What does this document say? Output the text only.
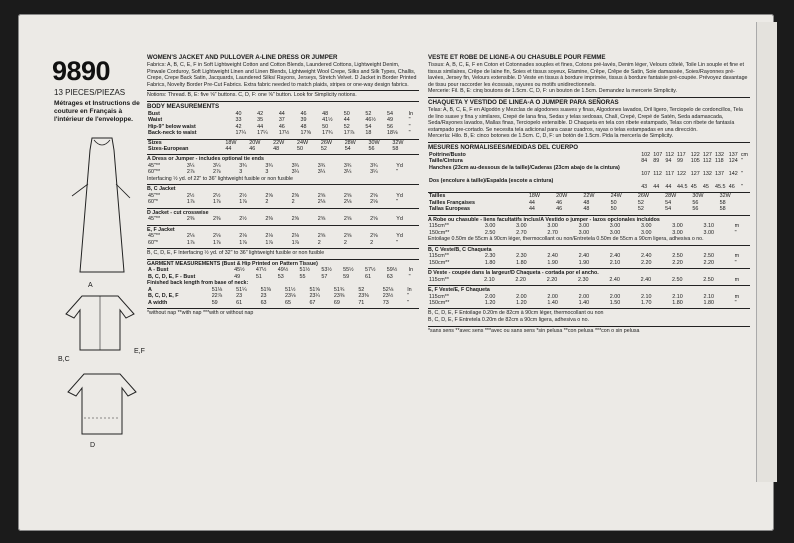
9890
13 PIECES/PIEZAS
Métrages et Instructions de couture en Français à l'intérieur de l'enveloppe.
A
B,C
E,F
D
WOMEN'S JACKET AND PULLOVER A-LINE DRESS OR JUMPER
Fabrics: A, B, C, E, F in Soft Lightweight Cotton and Cotton Blends, Laundered Cottons, Lightweight Denim, Pinwale Corduroy, Soft Lightweight Linen and Linen Blends, Lightweight Wool Crepe, Silks and Silk Types, Challis, Crepe, Crepe Back Satin, Jacquards, Laundered Silks/ Rayons, Jerseys, Stretch Velvet. D Jacket in Border Printed Fabrics, Novelty Border Pre-Cut Fabrics. Extra fabric needed to match plaids, stripes or one-way design fabrics.
Notions: Thread. B, E: five ⅝" buttons. C, D, F: one ⅝" button. Look for Simplicity notions.
BODY MEASUREMENTS
Bust	40	42	44	46	48	50	52	54	In
Waist	33	35	37	39	41½	44	46½	49	"
Hip-9" below waist	42	44	46	48	50	52	54	56	"
Back-neck to waist	17¼	17¼	17½	17⅝	17¾	17⅞	18	18⅛	"
Sizes	18W	20W	22W	24W	26W	28W	30W	32W	
Sizes-European	44	46	48	50	52	54	56	58	
A Dress or Jumper - includes optional tie ends
45"**	3¼	3¼	3¾	3¾	3¾	3¾	3¾	3¾	Yd
60"**	2⅞	2⅞	3	3	3¼	3¼	3¼	3¼	"
Interfacing ½ yd. of 22" to 36" lightweight fusible or non fusible
B, C Jacket
45"**	2½	2½	2½	2⅝	2⅝	2⅝	2⅝	2⅝	Yd
60"*	1⅞	1⅞	1⅞	2	2	2⅛	2⅛	2⅛	"
D Jacket - cut crosswise
45"**	2⅜	2⅜	2½	2⅜	2⅝	2⅝	2⅝	2⅝	Yd
E, F Jacket
45"**	2⅛	2⅛	2⅛	2⅛	2⅛	2⅝	2⅝	2⅝	Yd
60"*	1⅞	1⅞	1⅞	1⅞	1⅞	2	2	2	"
B, C, D, E, F Interfacing ½ yd. of 32" to 36" lightweight fusible or non fusible
GARMENT MEASUREMENTS (Bust & Hip Printed on Pattern Tissue)
A - Bust	45½	47½	49½	51½	53½	55½	57½	59½	In
B, C, D, E, F - Bust	49	51	53	55	57	59	61	63	"
Finished back length from base of neck:
A	51⅛	51¼	51⅜	51½	51⅝	51¾	52	52⅛	In
B, C, D, E, F	22⅞	23	23	23⅛	23¼	23⅜	23⅜	23½	"
A width	59	61	63	65	67	69	71	73	"
*without nap **with nap ***with or without nap
VESTE ET ROBE DE LIGNE-A OU CHASUBLE POUR FEMME
Tissus: A, B, C, E, F en Coton et Cotonnades souples et fines, Cotons pré-lavés, Denim léger, Velours côtelé, Toile Lin souple et fine et tissus similaires, Crêpe de laine fin, Soies et tissus soyeux, Etamine, Crêpe, Crêpe de Satin, Soie damassée, Soies/Rayonnes pré-lavées, Jersey fin, Velours extensible. D Veste en tissus à bordure imprimée, tissus à bordure fantaisie pré-coupée. Prévoyez davantage de tissu pour raccorder les écossais, rayures ou motifs unidirectionnels.
Mercerie: Fil. B, E: cinq boutons de 1.5cm. C, D, F: un bouton de 1.5cm. Demandez la mercerie Simplicity.
CHAQUETA Y VESTIDO DE LINEA-A O JUMPER PARA SEÑORAS
Telas: A, B, C, E, F en Algodón y Mezclas de algodones suaves y finas, Algodones lavados, Dril ligero, Terciopelo de cordoncillos, Tela de lino suave y fina y similares, Crepé de lana fina, Sedas y telas sedosas, Chalí, Crepé, Crepé de Satén, Seda adamascada, Seda/Rayones lavados, Mallas finas, Terciopelo extensible. D Chaqueta en tela con ribete estampado, Telas con ribete de fantasía estampado pre-cortado. Se necesita tela adicional para casar cuadros, rayas o telas estampadas en una dirección.
Mercería: Hilo. B, E: cinco botones de 1.5cm. C, D, F: un botón de 1.5cm. Pida la mercería de Simplicity.
MESURES NORMALISEES/MEDIDAS DEL CUERPO
Poitrine/Busto	102	107	112	117	122	127	132	137	cm
Taille/Cintura	84	89	94	99	105	112	118	124	"
Hanches (23cm au-dessous de la taille)/Caderas (23cm abajo de la cintura)									
	107	112	117	122	127	132	137	142	"
Dos (encolure à taille)/Espalda (escote a cintura)									
	43	44	44	44.5	45	45	45.5	46	"
Tailles	18W	20W	22W	24W	26W	28W	30W	32W	
Tailles Françaises	44	46	48	50	52	54	56	58	
Tallas Europeas	44	46	48	50	52	54	56	58	
A Robe ou chasuble - liens facultatifs inclus/A Vestido o jumper - lazos opcionales incluidos
115cm**	3.00	3.00	3.00	3.00	3.00	3.00	3.00	3.10	m
150cm**	2.50	2.70	2.70	3.00	3.00	3.00	3.00	3.00	"
Entoilage 0.50m de 55cm à 90cm léger, thermocollant ou non/Entretela 0.50m de 55cm a 90cm ligera, adhesiva o no.
B, C Veste/B, C Chaqueta
115cm**	2.30	2.30	2.40	2.40	2.40	2.40	2.50	2.50	m
150cm**	1.80	1.80	1.90	1.90	2.10	2.20	2.20	2.20	"
D Veste - coupée dans la largeur/D Chaqueta - cortada por el ancho.
115cm**	2.10	2.20	2.20	2.30	2.40	2.40	2.50	2.50	m
E, F Veste/E, F Chaqueta
115cm**	2.00	2.00	2.00	2.00	2.00	2.10	2.10	2.10	m
150cm**	1.20	1.20	1.40	1.40	1.50	1.70	1.80	1.80	"
B, C, D, E, F Entoilage 0.20m de 82cm à 90cm léger, thermocollant ou non
B, C, D, E, F Entretela 0.20m de 82cm a 90cm ligera, adhesiva o no.
*sans sens **avec sens ***avec ou sans sens *sin pelusa **con pelusa ***con o sin pelusa
